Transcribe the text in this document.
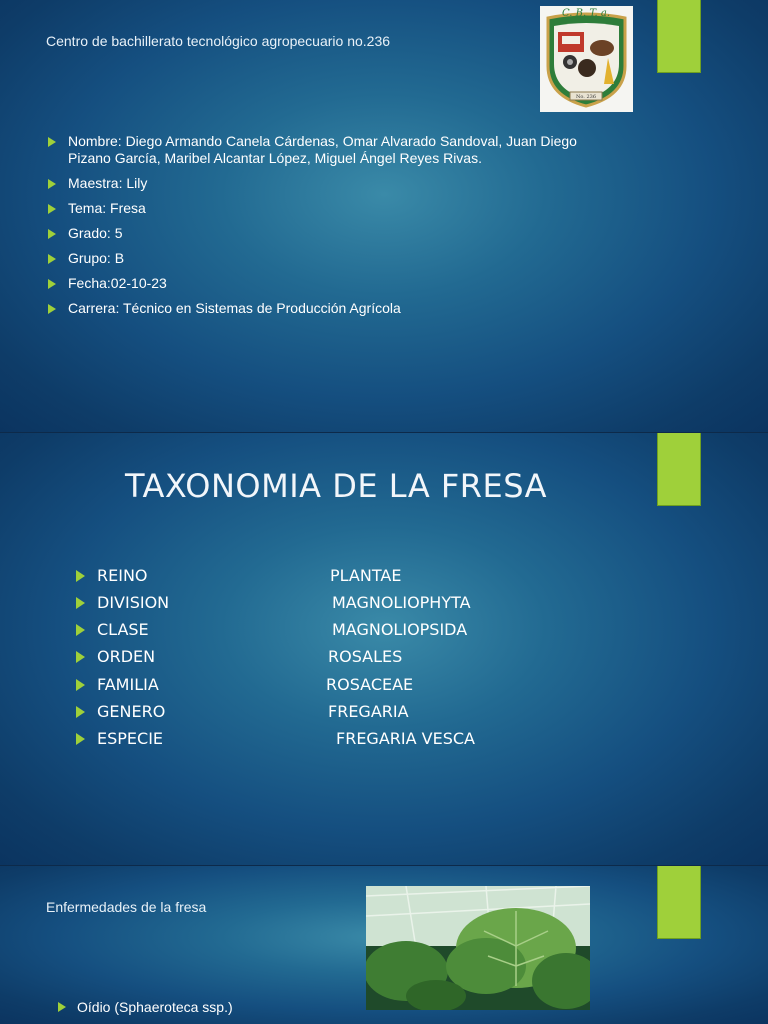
Centro de bachillerato tecnológico agropecuario no.236
No. 236
C. B. T. a.
Nombre: Diego Armando Canela Cárdenas, Omar Alvarado Sandoval, Juan Diego Pizano García, Maribel Alcantar López, Miguel Ángel Reyes Rivas.
Maestra: Lily
Tema: Fresa
Grado: 5
Grupo: B
Fecha:02-10-23
Carrera: Técnico en Sistemas de Producción Agrícola
TAXONOMIA DE LA FRESA
REINO	PLANTAE
DIVISION	MAGNOLIOPHYTA
CLASE	MAGNOLIOPSIDA
ORDEN	ROSALES
FAMILIA	ROSACEAE
GENERO	FREGARIA
ESPECIE	FREGARIA VESCA
Enfermedades de la fresa
Oídio (Sphaeroteca ssp.)
